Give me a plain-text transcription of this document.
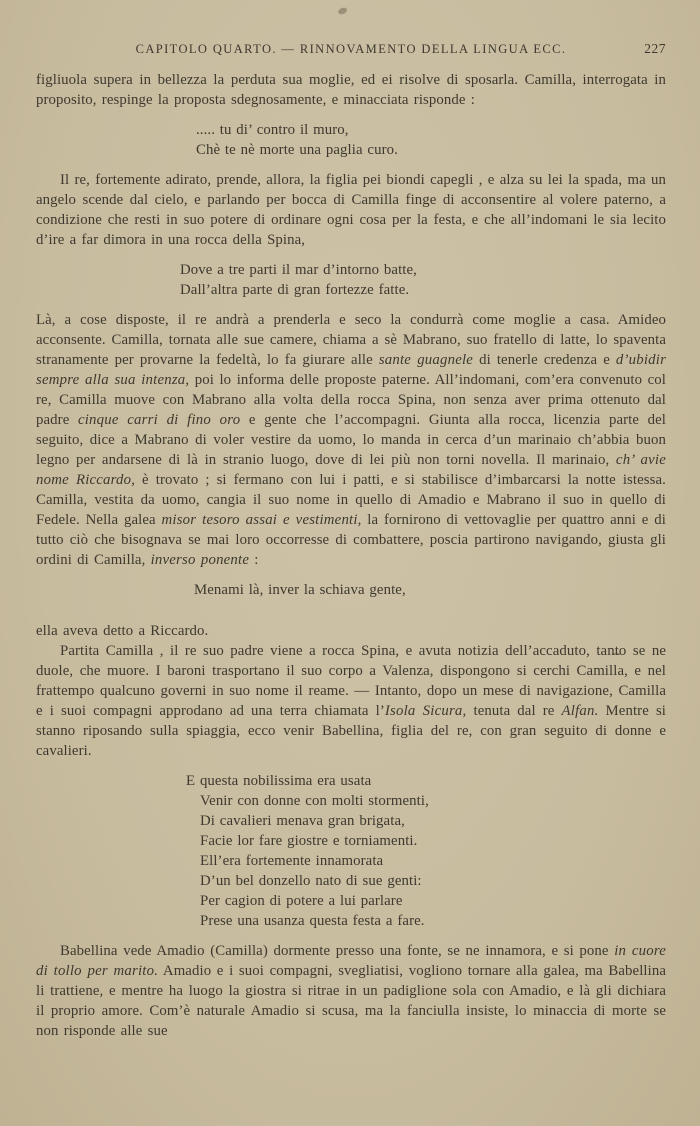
CAPITOLO QUARTO. — RINNOVAMENTO DELLA LINGUA ECC.	227

figliuola supera in bellezza la perduta sua moglie, ed ei risolve di sposarla. Camilla, interrogata in proposito, respinge la proposta sdegnosamente, e minacciata risponde :

..... tu di’ contro il muro,
Chè te nè morte una paglia curo.

Il re, fortemente adirato, prende, allora, la figlia pei biondi capegli , e alza su lei la spada, ma un angelo scende dal cielo, e parlando per bocca di Camilla finge di acconsentire al volere paterno, a condizione che resti in suo potere di ordinare ogni cosa per la festa, e che all’indomani le sia lecito d’ire a far dimora in una rocca della Spina,

Dove a tre parti il mar d’intorno batte,
Dall’altra parte di gran fortezze fatte.

Là, a cose disposte, il re andrà a prenderla e seco la condurrà come moglie a casa. Amideo acconsente. Camilla, tornata alle sue camere, chiama a sè Mabrano, suo fratello di latte, lo spaventa stranamente per provarne la fedeltà, lo fa giurare alle sante guagnele di tenerle credenza e d’ubidir sempre alla sua intenza, poi lo informa delle proposte paterne. All’indomani, com’era convenuto col re, Camilla muove con Mabrano alla volta della rocca Spina, non senza aver prima ottenuto dal padre cinque carri di fino oro e gente che l’accompagni. Giunta alla rocca, licenzia parte del seguito, dice a Mabrano di voler vestire da uomo, lo manda in cerca d’un marinaio ch’abbia buon legno per andarsene di là in stranio luogo, dove di lei più non torni novella. Il marinaio, ch’ avie nome Riccardo, è trovato ; si fermano con lui i patti, e si stabilisce d’imbarcarsi la notte istessa. Camilla, vestita da uomo, cangia il suo nome in quello di Amadio e Mabrano il suo in quello di Fedele. Nella galea misor tesoro assai e vestimenti, la fornirono di vettovaglie per quattro anni e di tutto ciò che bisognava se mai loro occorresse di combattere, poscia partirono navigando, giusta gli ordini di Camilla, inverso ponente :

Menami là, inver la schiava gente,

ella aveva detto a Riccardo.

Partita Camilla , il re suo padre viene a rocca Spina, e avuta notizia dell’accaduto, tanto se ne duole, che muore. I baroni trasportano il suo corpo a Valenza, dispongono si cerchi Camilla, e nel frattempo qualcuno governi in suo nome il reame. — Intanto, dopo un mese di navigazione, Camilla e i suoi compagni approdano ad una terra chiamata l’Isola Sicura, tenuta dal re Alfan. Mentre si stanno riposando sulla spiaggia, ecco venir Babellina, figlia del re, con gran seguito di donne e cavalieri.

E questa nobilissima era usata
Venir con donne con molti stormenti,
Di cavalieri menava gran brigata,
Facie lor fare giostre e torniamenti.
Ell’era fortemente innamorata
D’un bel donzello nato di sue genti:
Per cagion di potere a lui parlare
Prese una usanza questa festa a fare.

Babellina vede Amadio (Camilla) dormente presso una fonte, se ne innamora, e si pone in cuore di tollo per marito. Amadio e i suoi compagni, svegliatisi, vogliono tornare alla galea, ma Babellina li trattiene, e mentre ha luogo la giostra si ritrae in un padiglione sola con Amadio, e là gli dichiara il proprio amore. Com’è naturale Amadio si scusa, ma la fanciulla insiste, lo minaccia di morte se non risponde alle sue
